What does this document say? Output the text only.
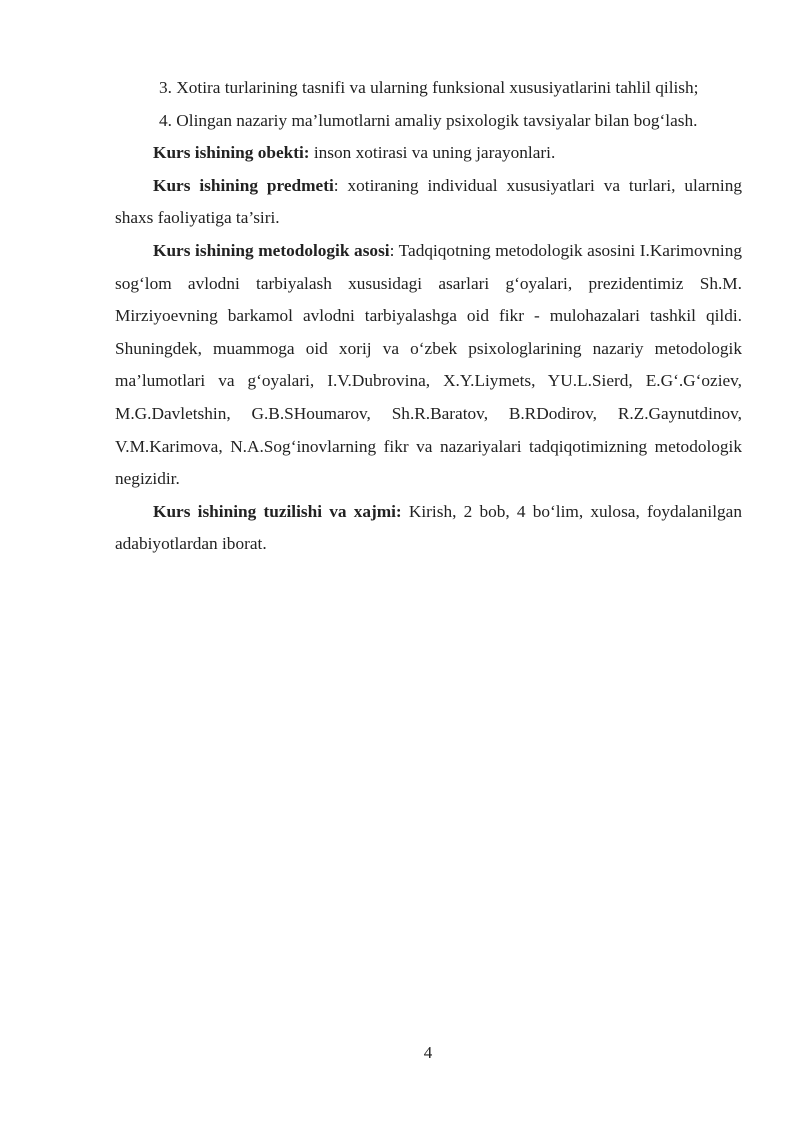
3. Xotira turlarining tasnifi va ularning funksional xususiyatlarini tahlil qilish;

4. Olingan nazariy ma’lumotlarni amaliy psixologik tavsiyalar bilan bog‘lash.

Kurs ishining obekti: inson xotirasi va uning jarayonlari.

Kurs ishining predmeti: xotiraning individual xususiyatlari va turlari, ularning shaxs faoliyatiga ta’siri.

Kurs ishining metodologik asosi: Tadqiqotning metodologik asosini I.Karimovning sog‘lom avlodni tarbiyalash xususidagi asarlari g‘oyalari, prezidentimiz Sh.M. Mirziyoevning barkamol avlodni tarbiyalashga oid fikr - mulohazalari tashkil qildi. Shuningdek, muammoga oid xorij va o‘zbek psixologlarining nazariy metodologik ma’lumotlari va g‘oyalari, I.V.Dubrovina, X.Y.Liymets, YU.L.Sierd, E.G‘.G‘oziev, M.G.Davletshin, G.B.SHoumarov, Sh.R.Baratov, B.RDodirov, R.Z.Gaynutdinov, V.M.Karimova, N.A.Sog‘inovlarning fikr va nazariyalari tadqiqotimizning metodologik negizidir.

Kurs ishining tuzilishi va xajmi: Kirish, 2 bob, 4 bo‘lim, xulosa, foydalanilgan adabiyotlardan iborat.

4
